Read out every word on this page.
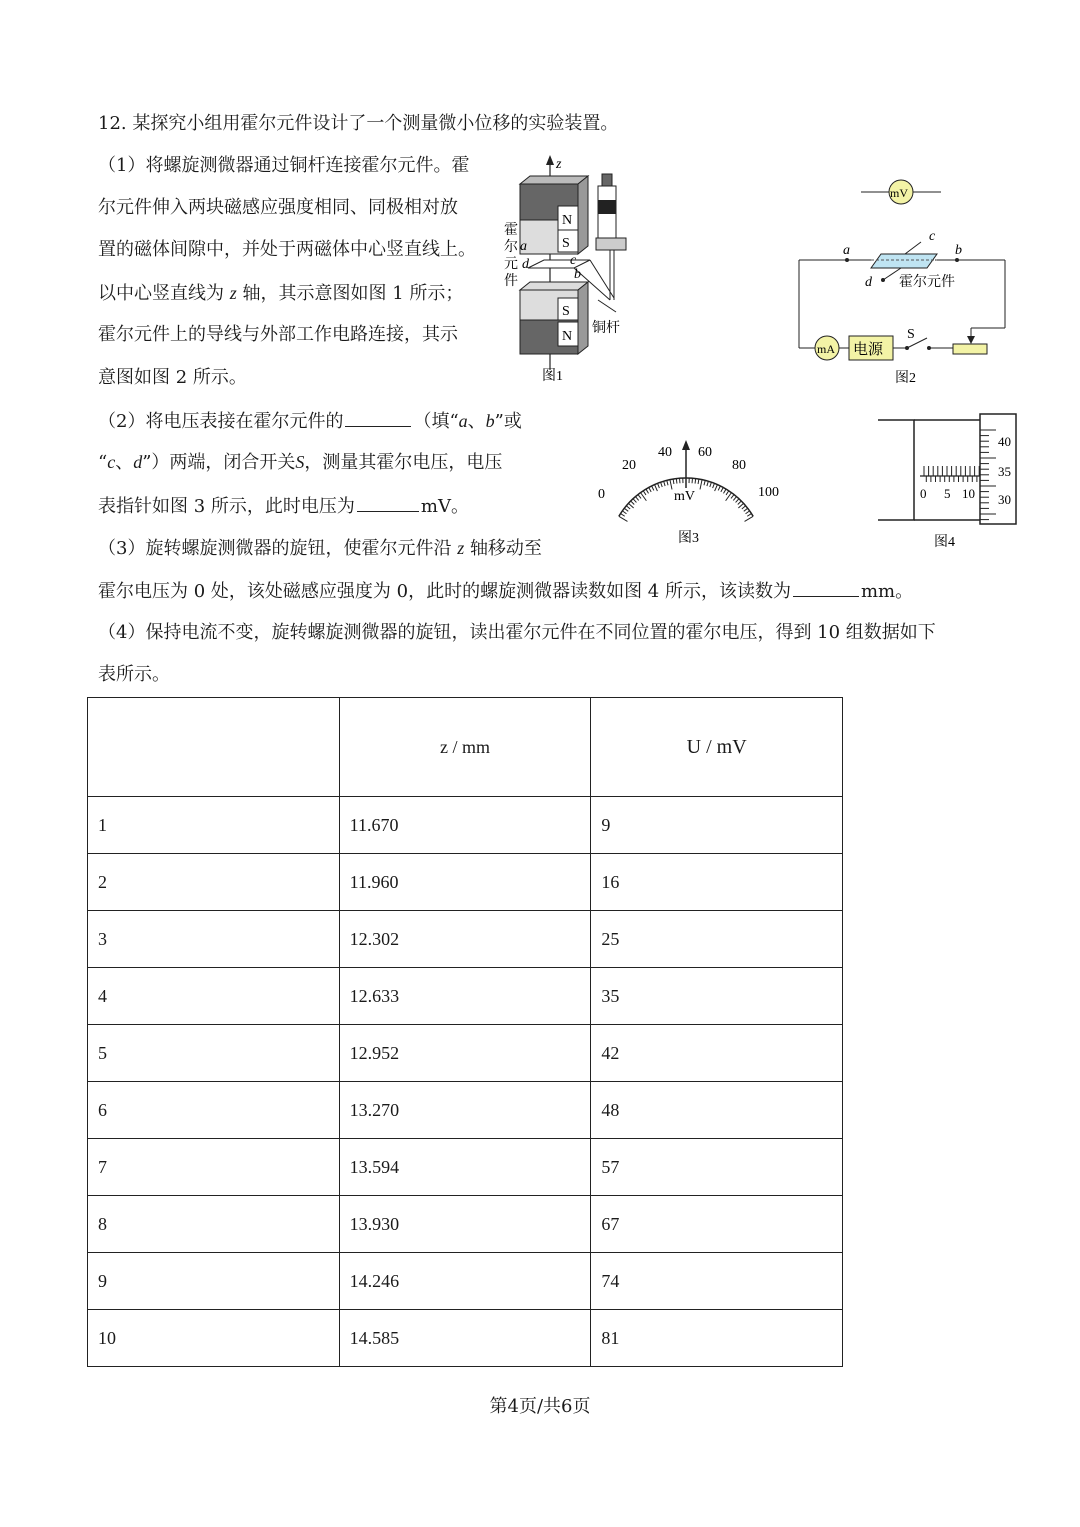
12. 某探究小组用霍尔元件设计了一个测量微小位移的实验装置。
（1）将螺旋测微器通过铜杆连接霍尔元件。霍
尔元件伸入两块磁感应强度相同、同极相对放
置的磁体间隙中，并处于两磁体中心竖直线上。
以中心竖直线为 z 轴，其示意图如图 1 所示；
霍尔元件上的导线与外部工作电路连接，其示
意图如图 2 所示。
（2）将电压表接在霍尔元件的	（填“a、b”或
“c、d”）两端，闭合开关S，测量其霍尔电压，电压
表指针如图 3 所示，此时电压为	mV。
（3）旋转螺旋测微器的旋钮，使霍尔元件沿 z 轴移动至
霍尔电压为 0 处，该处磁感应强度为 0，此时的螺旋测微器读数如图 4 所示，该读数为	mm。
（4）保持电流不变，旋转螺旋测微器的旋钮，读出霍尔元件在不同位置的霍尔电压，得到 10 组数据如下
表所示。
z
N
S
S
N
霍
尔
元
件
a
d	c
b
铜杆
图1
mV
a	b
c
d 霍尔元件
mA 电源
S
图2
0
20
40 60
80
100
mV
图3
0 5 10
40
35
30
图4
	z / mm	U / mV
1	11.670	9
2	11.960	16
3	12.302	25
4	12.633	35
5	12.952	42
6	13.270	48
7	13.594	57
8	13.930	67
9	14.246	74
10	14.585	81
第4页/共6页
